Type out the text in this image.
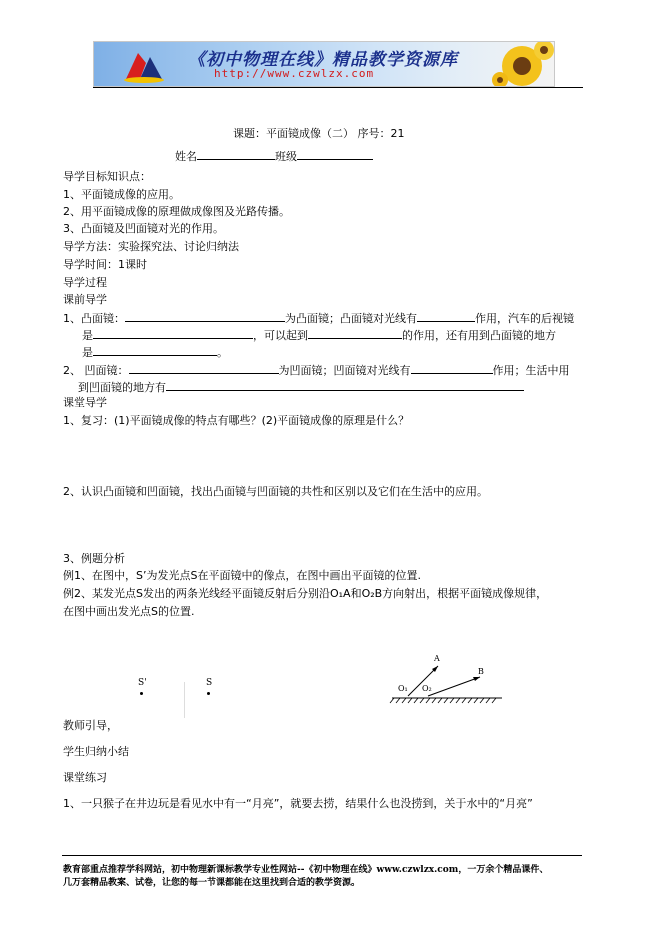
《初中物理在线》精品教学资源库
http://www.czwlzx.com
课题：平面镜成像（二） 序号：21
姓名	班级
导学目标知识点：
1、平面镜成像的应用。
2、用平面镜成像的原理做成像图及光路传播。
3、凸面镜及凹面镜对光的作用。
导学方法：实验探究法、讨论归纳法
导学时间：1课时
导学过程
课前导学
1、凸面镜：	为凸面镜；凸面镜对光线有	作用，汽车的后视镜
是	，可以起到	的作用，还有用到凸面镜的地方
是	。
2、 凹面镜：	为凹面镜；凹面镜对光线有	作用；生活中用
到凹面镜的地方有
课堂导学
1、复习：(1)平面镜成像的特点有哪些？(2)平面镜成像的原理是什么？
2、认识凸面镜和凹面镜，找出凸面镜与凹面镜的共性和区别以及它们在生活中的应用。
3、例题分析
例1、在图中，S’为发光点S在平面镜中的像点，在图中画出平面镜的位置.
例2、某发光点S发出的两条光线经平面镜反射后分别沿O₁A和O₂B方向射出，根据平面镜成像规律，
在图中画出发光点S的位置.
S'	S
A
B
O₁ O₂
教师引导，
学生归纳小结
课堂练习
1、一只猴子在井边玩是看见水中有一“月亮”，就要去捞，结果什么也没捞到，关于水中的“月亮”
教育部重点推荐学科网站，初中物理新课标教学专业性网站--《初中物理在线》www.czwlzx.com，一万余个精品课件、
几万套精品教案、试卷，让您的每一节课都能在这里找到合适的教学资源。
